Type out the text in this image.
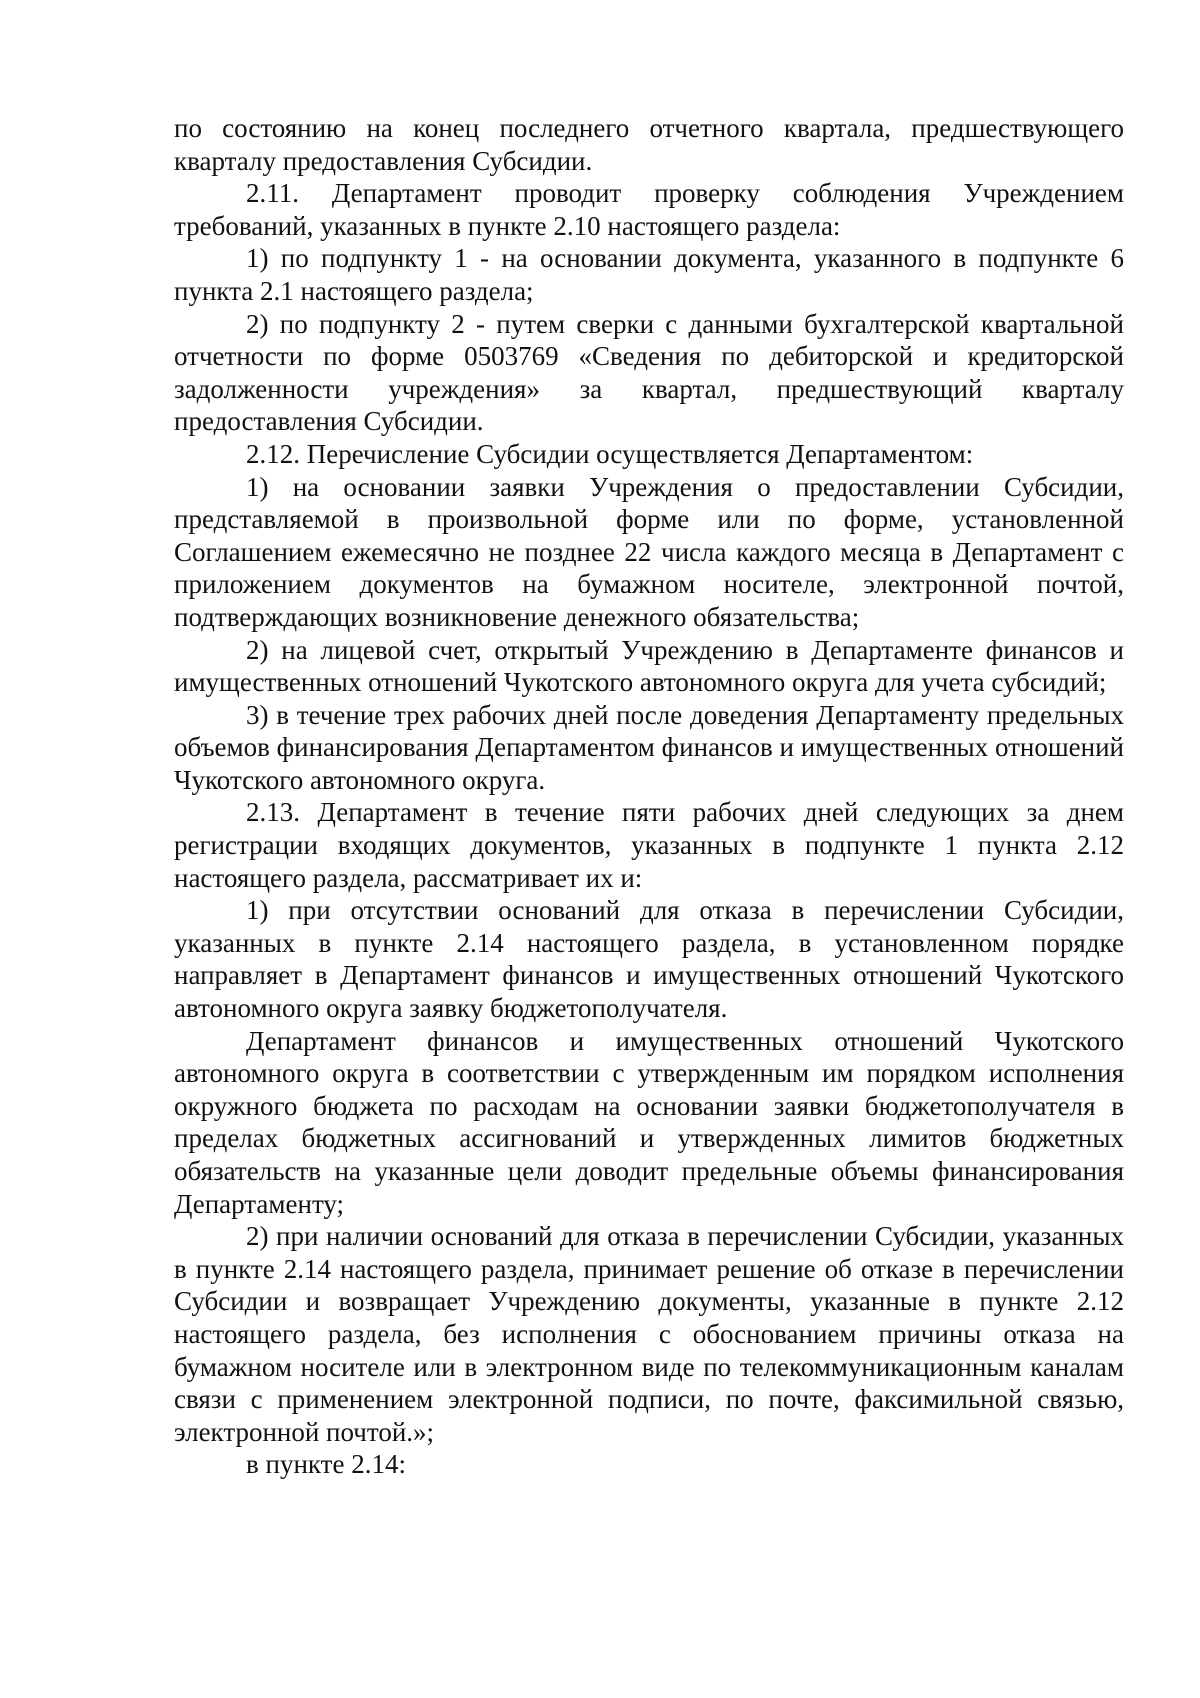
по состоянию на конец последнего отчетного квартала, предшествующего кварталу предоставления Субсидии.

2.11. Департамент проводит проверку соблюдения Учреждением требований, указанных в пункте 2.10 настоящего раздела:

1) по подпункту 1 - на основании документа, указанного в подпункте 6 пункта 2.1 настоящего раздела;

2) по подпункту 2 - путем сверки с данными бухгалтерской квартальной отчетности по форме 0503769 «Сведения по дебиторской и кредиторской задолженности учреждения» за квартал, предшествующий кварталу предоставления Субсидии.

2.12. Перечисление Субсидии осуществляется Департаментом:

1) на основании заявки Учреждения о предоставлении Субсидии, представляемой в произвольной форме или по форме, установленной Соглашением ежемесячно не позднее 22 числа каждого месяца в Департамент с приложением документов на бумажном носителе, электронной почтой, подтверждающих возникновение денежного обязательства;

2) на лицевой счет, открытый Учреждению в Департаменте финансов и имущественных отношений Чукотского автономного округа для учета субсидий;

3) в течение трех рабочих дней после доведения Департаменту предельных объемов финансирования Департаментом финансов и имущественных отношений Чукотского автономного округа.

2.13. Департамент в течение пяти рабочих дней следующих за днем регистрации входящих документов, указанных в подпункте 1 пункта 2.12 настоящего раздела, рассматривает их и:

1) при отсутствии оснований для отказа в перечислении Субсидии, указанных в пункте 2.14 настоящего раздела, в установленном порядке направляет в Департамент финансов и имущественных отношений Чукотского автономного округа заявку бюджетополучателя.

Департамент финансов и имущественных отношений Чукотского автономного округа в соответствии с утвержденным им порядком исполнения окружного бюджета по расходам на основании заявки бюджетополучателя в пределах бюджетных ассигнований и утвержденных лимитов бюджетных обязательств на указанные цели доводит предельные объемы финансирования Департаменту;

2) при наличии оснований для отказа в перечислении Субсидии, указанных в пункте 2.14 настоящего раздела, принимает решение об отказе в перечислении Субсидии и возвращает Учреждению документы, указанные в пункте 2.12 настоящего раздела, без исполнения с обоснованием причины отказа на бумажном носителе или в электронном виде по телекоммуникационным каналам связи с применением электронной подписи, по почте, факсимильной связью, электронной почтой.»;

в пункте 2.14:
